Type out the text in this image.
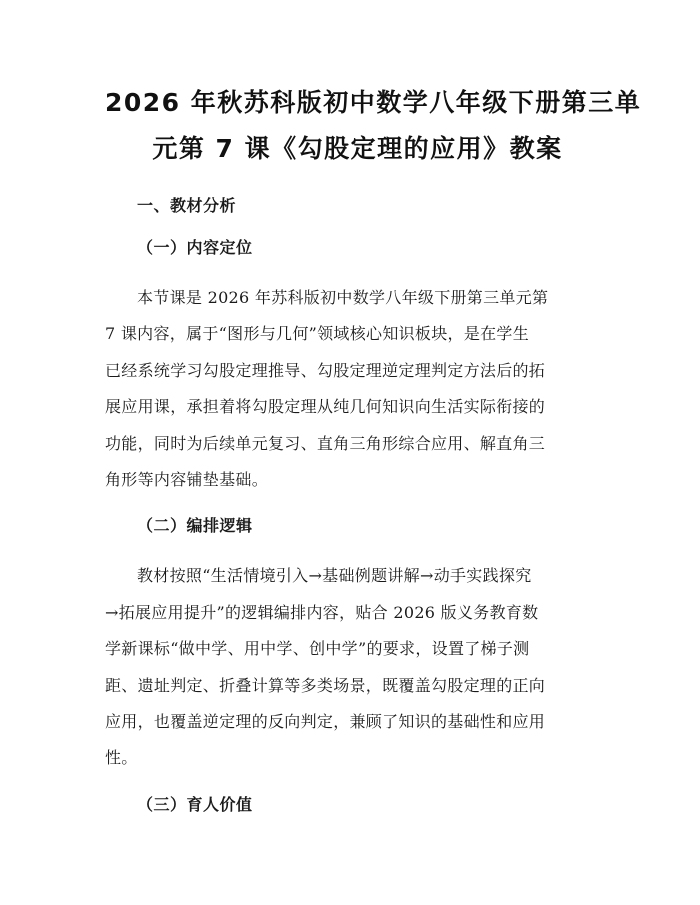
2026 年秋苏科版初中数学八年级下册第三单
元第 7 课《勾股定理的应用》教案
一、教材分析
（一）内容定位

本节课是 2026 年苏科版初中数学八年级下册第三单元第
7 课内容，属于“图形与几何”领域核心知识板块，是在学生
已经系统学习勾股定理推导、勾股定理逆定理判定方法后的拓
展应用课，承担着将勾股定理从纯几何知识向生活实际衔接的
功能，同时为后续单元复习、直角三角形综合应用、解直角三
角形等内容铺垫基础。

（二）编排逻辑

教材按照“生活情境引入→基础例题讲解→动手实践探究
→拓展应用提升”的逻辑编排内容，贴合 2026 版义务教育数
学新课标“做中学、用中学、创中学”的要求，设置了梯子测
距、遗址判定、折叠计算等多类场景，既覆盖勾股定理的正向
应用，也覆盖逆定理的反向判定，兼顾了知识的基础性和应用
性。

（三）育人价值
